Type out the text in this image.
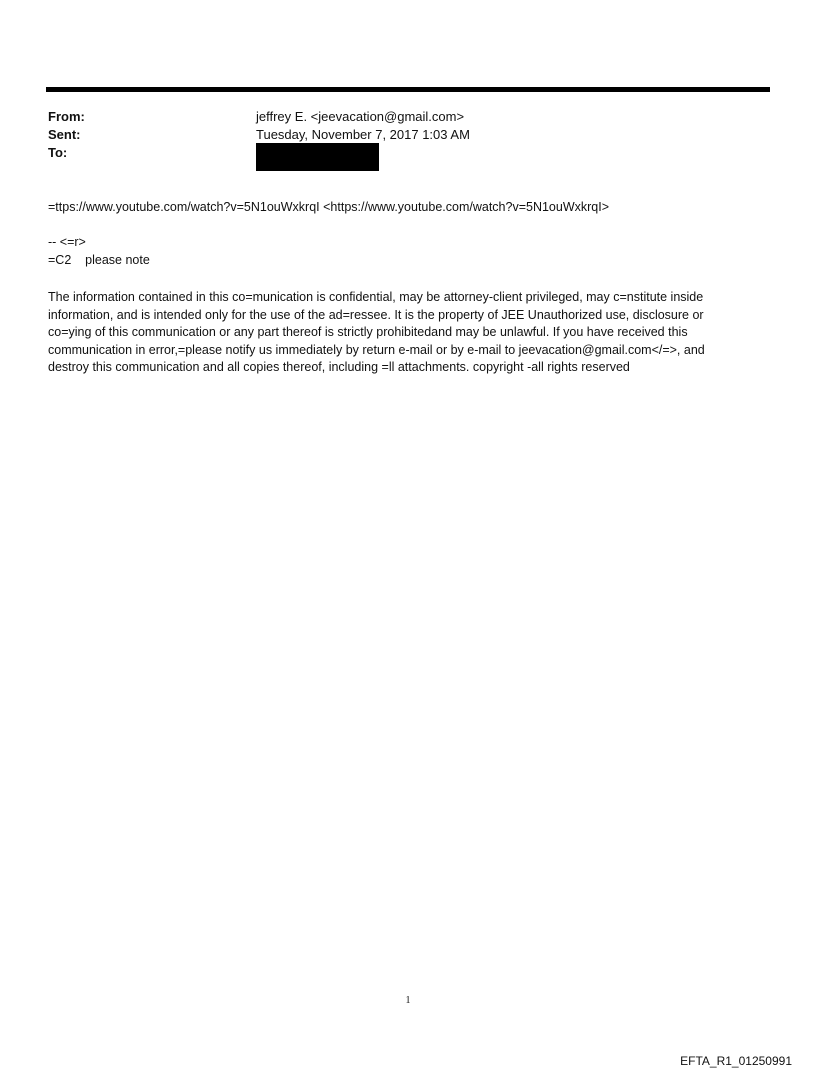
From:	jeffrey E. <jeevacation@gmail.com>
Sent:	Tuesday, November 7, 2017 1:03 AM
To:
=ttps://www.youtube.com/watch?v=5N1ouWxkrqI <https://www.youtube.com/watch?v=5N1ouWxkrqI>
-- <=r>
=C2    please note
The information contained in this co=munication is confidential, may be attorney-client privileged, may c=nstitute inside
information, and is intended only for the use of the ad=ressee. It is the property of JEE Unauthorized use, disclosure or
co=ying of this communication or any part thereof is strictly prohibitedand may be unlawful. If you have received this
communication in error,=please notify us immediately by return e-mail or by e-mail to jeevacation@gmail.com</=>, and
destroy this communication and all copies thereof, including =ll attachments. copyright -all rights reserved
1
EFTA_R1_01250991
